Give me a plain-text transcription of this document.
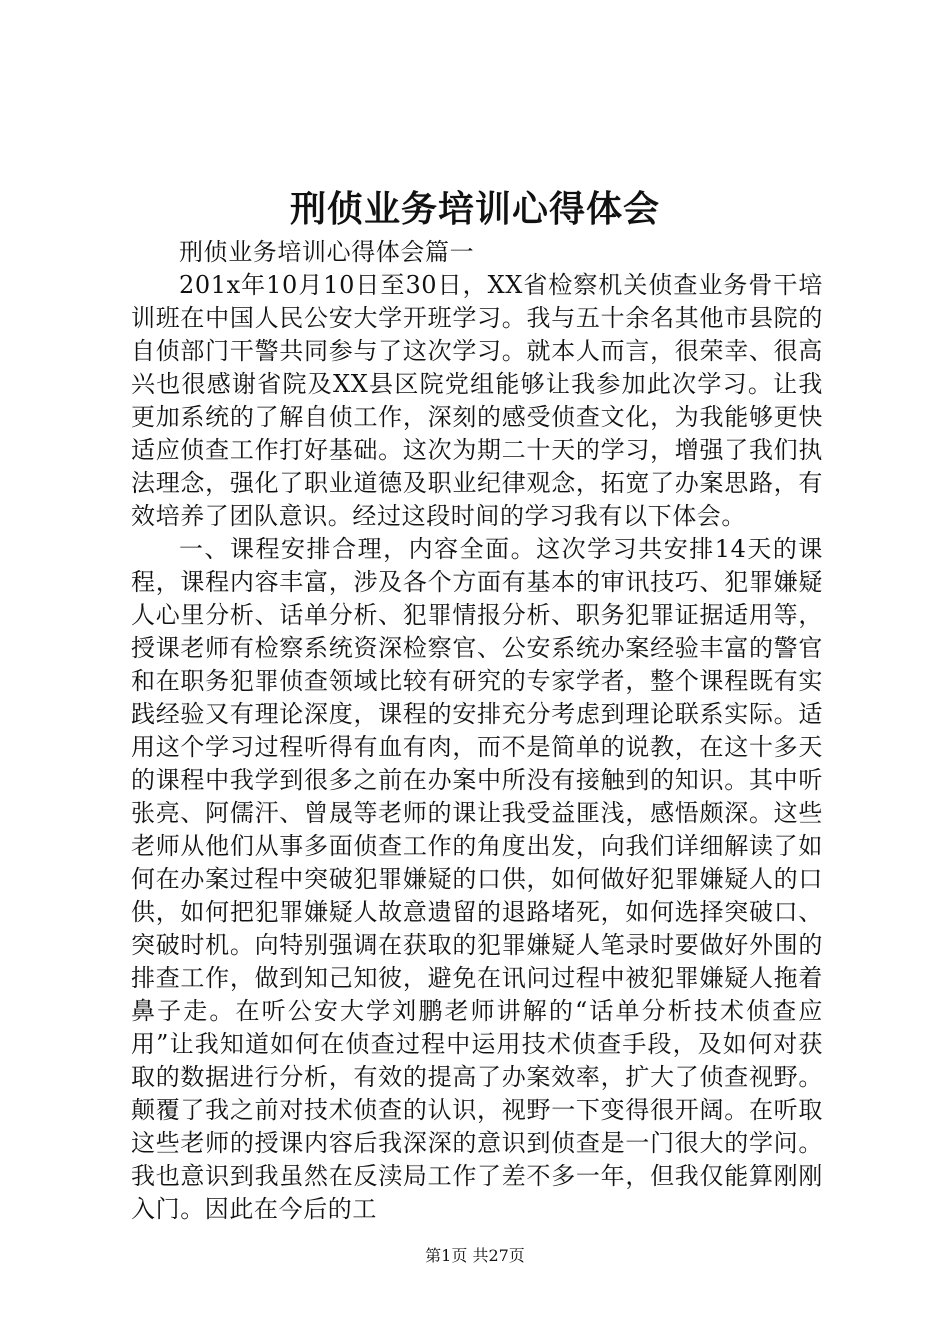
刑侦业务培训心得体会

刑侦业务培训心得体会篇一

201x年10月10日至30日，XX省检察机关侦查业务骨干培训班在中国人民公安大学开班学习。我与五十余名其他市县院的自侦部门干警共同参与了这次学习。就本人而言，很荣幸、很高兴也很感谢省院及XX县区院党组能够让我参加此次学习。让我更加系统的了解自侦工作，深刻的感受侦查文化，为我能够更快适应侦查工作打好基础。这次为期二十天的学习，增强了我们执法理念，强化了职业道德及职业纪律观念，拓宽了办案思路，有效培养了团队意识。经过这段时间的学习我有以下体会。

一、课程安排合理，内容全面。这次学习共安排14天的课程，课程内容丰富，涉及各个方面有基本的审讯技巧、犯罪嫌疑人心里分析、话单分析、犯罪情报分析、职务犯罪证据适用等，授课老师有检察系统资深检察官、公安系统办案经验丰富的警官和在职务犯罪侦查领域比较有研究的专家学者，整个课程既有实践经验又有理论深度，课程的安排充分考虑到理论联系实际。适用这个学习过程听得有血有肉，而不是简单的说教，在这十多天的课程中我学到很多之前在办案中所没有接触到的知识。其中听张亮、阿儒汗、曾晟等老师的课让我受益匪浅，感悟颇深。这些老师从他们从事多面侦查工作的角度出发，向我们详细解读了如何在办案过程中突破犯罪嫌疑的口供，如何做好犯罪嫌疑人的口供，如何把犯罪嫌疑人故意遗留的退路堵死，如何选择突破口、突破时机。向特别强调在获取的犯罪嫌疑人笔录时要做好外围的排查工作，做到知己知彼，避免在讯问过程中被犯罪嫌疑人拖着鼻子走。在听公安大学刘鹏老师讲解的“话单分析技术侦查应用”让我知道如何在侦查过程中运用技术侦查手段，及如何对获取的数据进行分析，有效的提高了办案效率，扩大了侦查视野。颠覆了我之前对技术侦查的认识，视野一下变得很开阔。在听取这些老师的授课内容后我深深的意识到侦查是一门很大的学问。我也意识到我虽然在反渎局工作了差不多一年，但我仅能算刚刚入门。因此在今后的工

第1页 共27页
